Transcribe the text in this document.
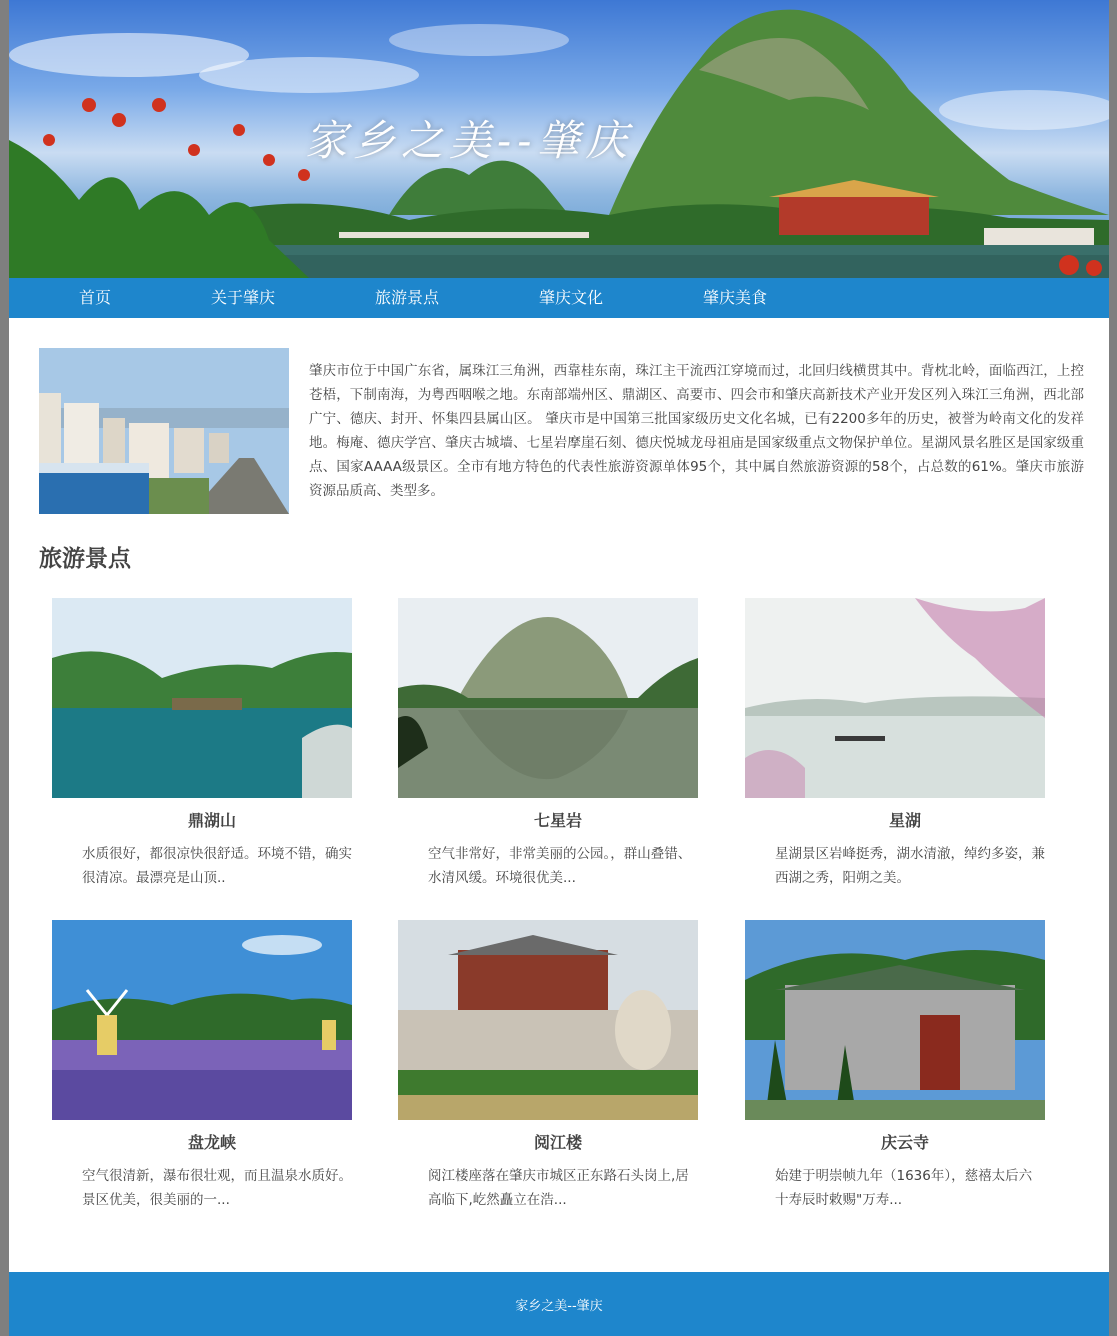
家乡之美--肇庆
首页	关于肇庆	旅游景点	肇庆文化	肇庆美食

肇庆市位于中国广东省，属珠江三角洲，西靠桂东南，珠江主干流西江穿境而过，北回归线横贯其中。背枕北岭，面临西江，上控苍梧，下制南海，为粤西咽喉之地。东南部端州区、鼎湖区、高要市、四会市和肇庆高新技术产业开发区列入珠江三角洲，西北部广宁、德庆、封开、怀集四县属山区。 肇庆市是中国第三批国家级历史文化名城，已有2200多年的历史，被誉为岭南文化的发祥地。梅庵、德庆学宫、肇庆古城墙、七星岩摩崖石刻、德庆悦城龙母祖庙是国家级重点文物保护单位。星湖风景名胜区是国家级重点、国家AAAA级景区。全市有地方特色的代表性旅游资源单体95个，其中属自然旅游资源的58个，占总数的61%。肇庆市旅游资源品质高、类型多。

旅游景点
鼎湖山

水质很好，都很凉快很舒适。环境不错，确实很清凉。最漂亮是山顶..

七星岩

空气非常好，非常美丽的公园。，群山叠错、水清风缓。环境很优美...

星湖

星湖景区岩峰挺秀，湖水清澈，绰约多姿，兼西湖之秀，阳朔之美。

盘龙峡

空气很清新，瀑布很壮观，而且温泉水质好。景区优美，很美丽的一...

阅江楼

阅江楼座落在肇庆市城区正东路石头岗上,居高临下,屹然矗立在浩...

庆云寺

始建于明崇帧九年（1636年），慈禧太后六十寿辰时敕赐"万寿...

家乡之美--肇庆
